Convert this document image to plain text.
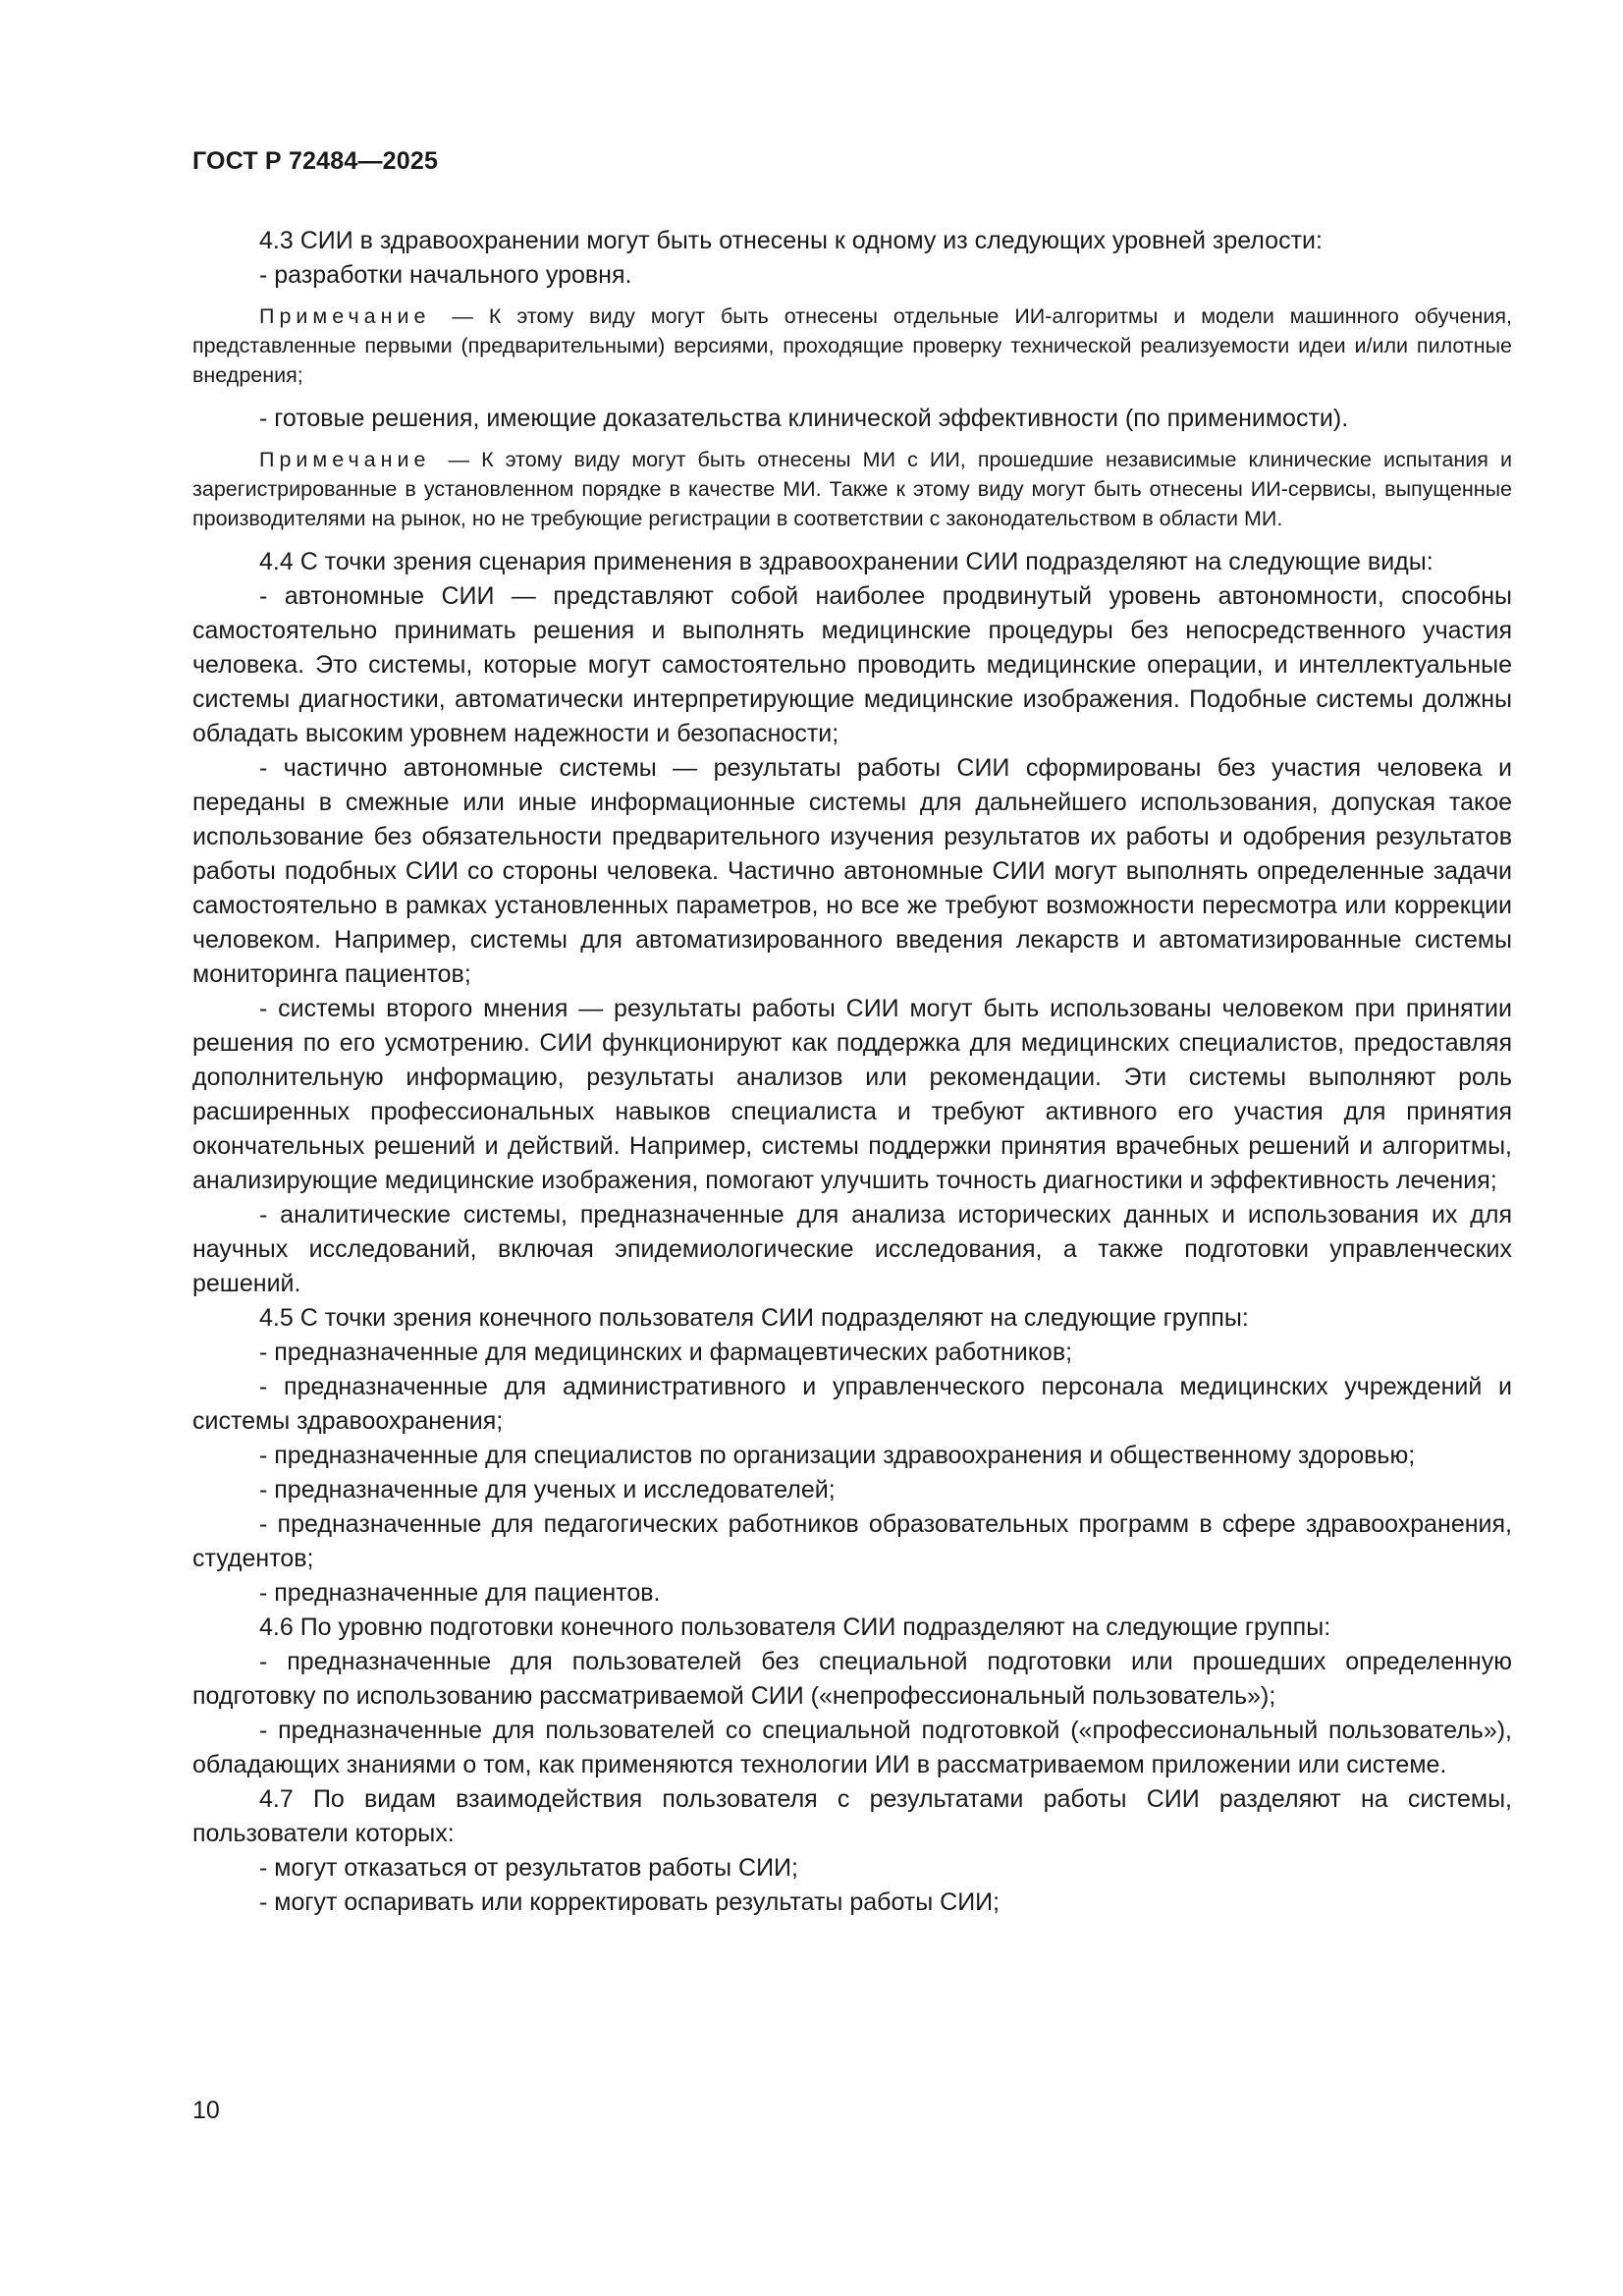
ГОСТ Р 72484—2025

4.3 СИИ в здравоохранении могут быть отнесены к одному из следующих уровней зрелости:

- разработки начального уровня.

Примечание — К этому виду могут быть отнесены отдельные ИИ-алгоритмы и модели машинного обучения, представленные первыми (предварительными) версиями, проходящие проверку технической реализуемости идеи и/или пилотные внедрения;

- готовые решения, имеющие доказательства клинической эффективности (по применимости).

Примечание — К этому виду могут быть отнесены МИ с ИИ, прошедшие независимые клинические испытания и зарегистрированные в установленном порядке в качестве МИ. Также к этому виду могут быть отнесены ИИ-сервисы, выпущенные производителями на рынок, но не требующие регистрации в соответствии с законодательством в области МИ.

4.4 С точки зрения сценария применения в здравоохранении СИИ подразделяют на следующие виды:

- автономные СИИ — представляют собой наиболее продвинутый уровень автономности, способны самостоятельно принимать решения и выполнять медицинские процедуры без непосредственного участия человека. Это системы, которые могут самостоятельно проводить медицинские операции, и интеллектуальные системы диагностики, автоматически интерпретирующие медицинские изображения. Подобные системы должны обладать высоким уровнем надежности и безопасности;

- частично автономные системы — результаты работы СИИ сформированы без участия человека и переданы в смежные или иные информационные системы для дальнейшего использования, допуская такое использование без обязательности предварительного изучения результатов их работы и одобрения результатов работы подобных СИИ со стороны человека. Частично автономные СИИ могут выполнять определенные задачи самостоятельно в рамках установленных параметров, но все же требуют возможности пересмотра или коррекции человеком. Например, системы для автоматизированного введения лекарств и автоматизированные системы мониторинга пациентов;

- системы второго мнения — результаты работы СИИ могут быть использованы человеком при принятии решения по его усмотрению. СИИ функционируют как поддержка для медицинских специалистов, предоставляя дополнительную информацию, результаты анализов или рекомендации. Эти системы выполняют роль расширенных профессиональных навыков специалиста и требуют активного его участия для принятия окончательных решений и действий. Например, системы поддержки принятия врачебных решений и алгоритмы, анализирующие медицинские изображения, помогают улучшить точность диагностики и эффективность лечения;

- аналитические системы, предназначенные для анализа исторических данных и использования их для научных исследований, включая эпидемиологические исследования, а также подготовки управленческих решений.

4.5 С точки зрения конечного пользователя СИИ подразделяют на следующие группы:

- предназначенные для медицинских и фармацевтических работников;

- предназначенные для административного и управленческого персонала медицинских учреждений и системы здравоохранения;

- предназначенные для специалистов по организации здравоохранения и общественному здоровью;

- предназначенные для ученых и исследователей;

- предназначенные для педагогических работников образовательных программ в сфере здравоохранения, студентов;

- предназначенные для пациентов.

4.6 По уровню подготовки конечного пользователя СИИ подразделяют на следующие группы:

- предназначенные для пользователей без специальной подготовки или прошедших определенную подготовку по использованию рассматриваемой СИИ («непрофессиональный пользователь»);

- предназначенные для пользователей со специальной подготовкой («профессиональный пользователь»), обладающих знаниями о том, как применяются технологии ИИ в рассматриваемом приложении или системе.

4.7 По видам взаимодействия пользователя с результатами работы СИИ разделяют на системы, пользователи которых:

- могут отказаться от результатов работы СИИ;

- могут оспаривать или корректировать результаты работы СИИ;

10
